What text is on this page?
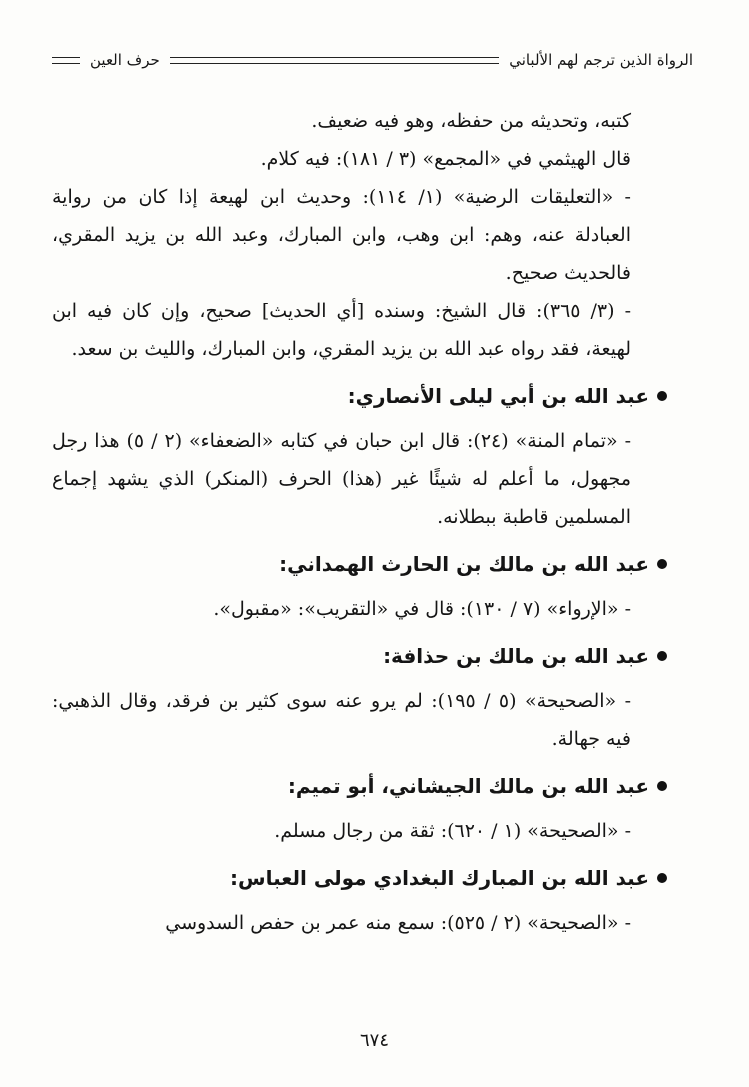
الرواة الذين ترجم لهم الألباني
حرف العين

كتبه، وتحديثه من حفظه، وهو فيه ضعيف.

قال الهيثمي في «المجمع» (٣ / ١٨١): فيه كلام.

- «التعليقات الرضية» (١/ ١١٤): وحديث ابن لهيعة إذا كان من رواية العبادلة عنه، وهم: ابن وهب، وابن المبارك، وعبد الله بن يزيد المقري، فالحديث صحيح.

- (٣/ ٣٦٥): قال الشيخ: وسنده [أي الحديث] صحيح، وإن كان فيه ابن لهيعة، فقد رواه عبد الله بن يزيد المقري، وابن المبارك، والليث بن سعد.

عبد الله بن أبي ليلى الأنصاري:

- «تمام المنة» (٢٤): قال ابن حبان في كتابه «الضعفاء» (٢ / ٥) هذا رجل مجهول، ما أعلم له شيئًا غير (هذا) الحرف (المنكر) الذي يشهد إجماع المسلمين قاطبة ببطلانه.

عبد الله بن مالك بن الحارث الهمداني:

- «الإرواء» (٧ / ١٣٠): قال في «التقريب»: «مقبول».

عبد الله بن مالك بن حذافة:

- «الصحيحة» (٥ / ١٩٥): لم يرو عنه سوى كثير بن فرقد، وقال الذهبي: فيه جهالة.

عبد الله بن مالك الجيشاني، أبو تميم:

- «الصحيحة» (١ / ٦٢٠): ثقة من رجال مسلم.

عبد الله بن المبارك البغدادي مولى العباس:

- «الصحيحة» (٢ / ٥٢٥): سمع منه عمر بن حفص السدوسي

٦٧٤
